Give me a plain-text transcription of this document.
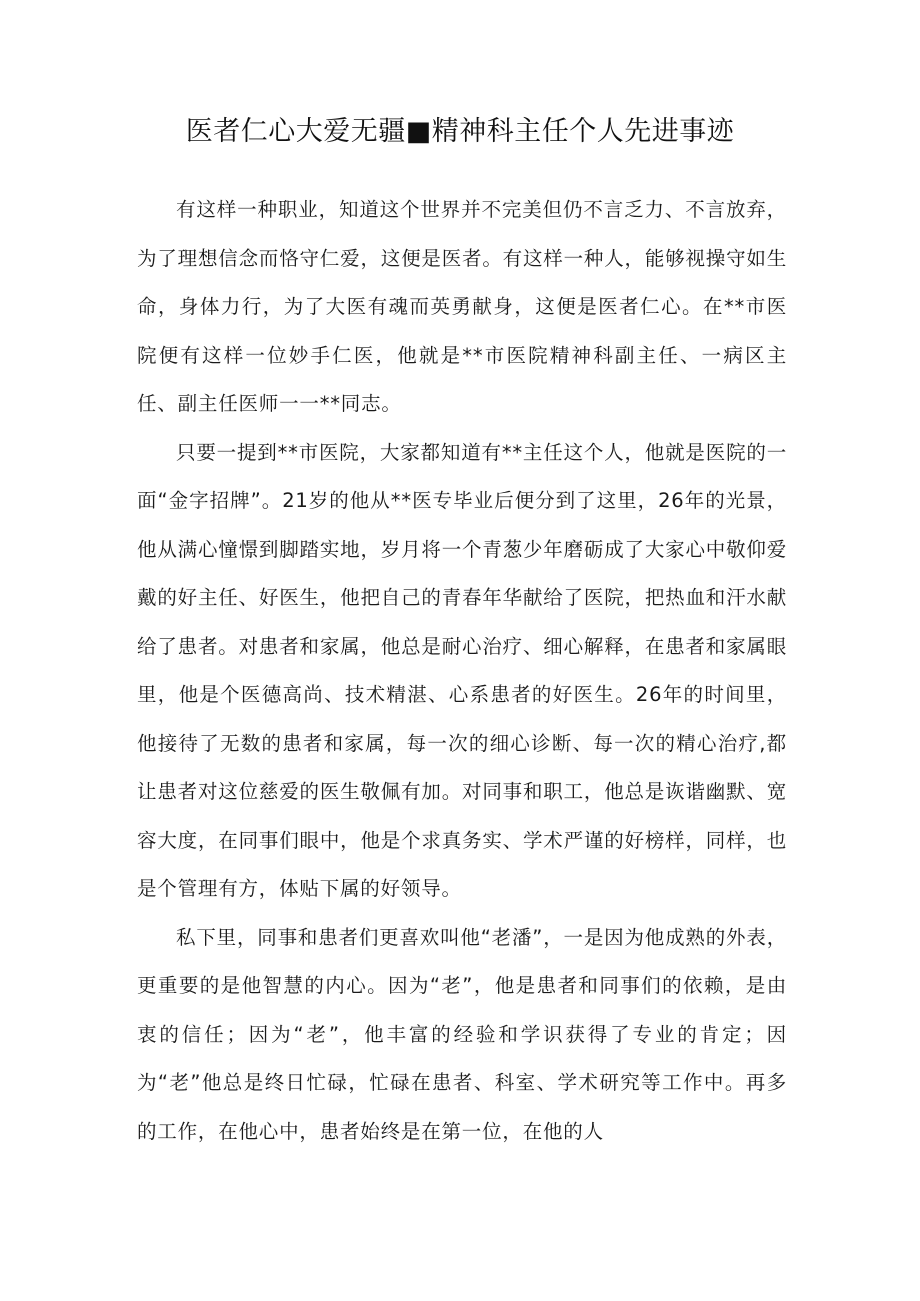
医者仁心大爱无疆■精神科主任个人先进事迹

有这样一种职业，知道这个世界并不完美但仍不言乏力、不言放弃，为了理想信念而恪守仁爱，这便是医者。有这样一种人，能够视操守如生命，身体力行，为了大医有魂而英勇献身，这便是医者仁心。在**市医院便有这样一位妙手仁医，他就是**市医院精神科副主任、一病区主任、副主任医师一一**同志。

只要一提到**市医院，大家都知道有**主任这个人，他就是医院的一面“金字招牌”。21岁的他从**医专毕业后便分到了这里，26年的光景，他从满心憧憬到脚踏实地，岁月将一个青葱少年磨砺成了大家心中敬仰爱戴的好主任、好医生，他把自己的青春年华献给了医院，把热血和汗水献给了患者。对患者和家属，他总是耐心治疗、细心解释，在患者和家属眼里，他是个医德高尚、技术精湛、心系患者的好医生。26年的时间里，他接待了无数的患者和家属，每一次的细心诊断、每一次的精心治疗,都让患者对这位慈爱的医生敬佩有加。对同事和职工，他总是诙谐幽默、宽容大度，在同事们眼中，他是个求真务实、学术严谨的好榜样，同样，也是个管理有方，体贴下属的好领导。

私下里，同事和患者们更喜欢叫他“老潘”，一是因为他成熟的外表，更重要的是他智慧的内心。因为“老”，他是患者和同事们的依赖，是由衷的信任；因为“老”，他丰富的经验和学识获得了专业的肯定；因为“老”他总是终日忙碌，忙碌在患者、科室、学术研究等工作中。再多的工作，在他心中，患者始终是在第一位，在他的人
